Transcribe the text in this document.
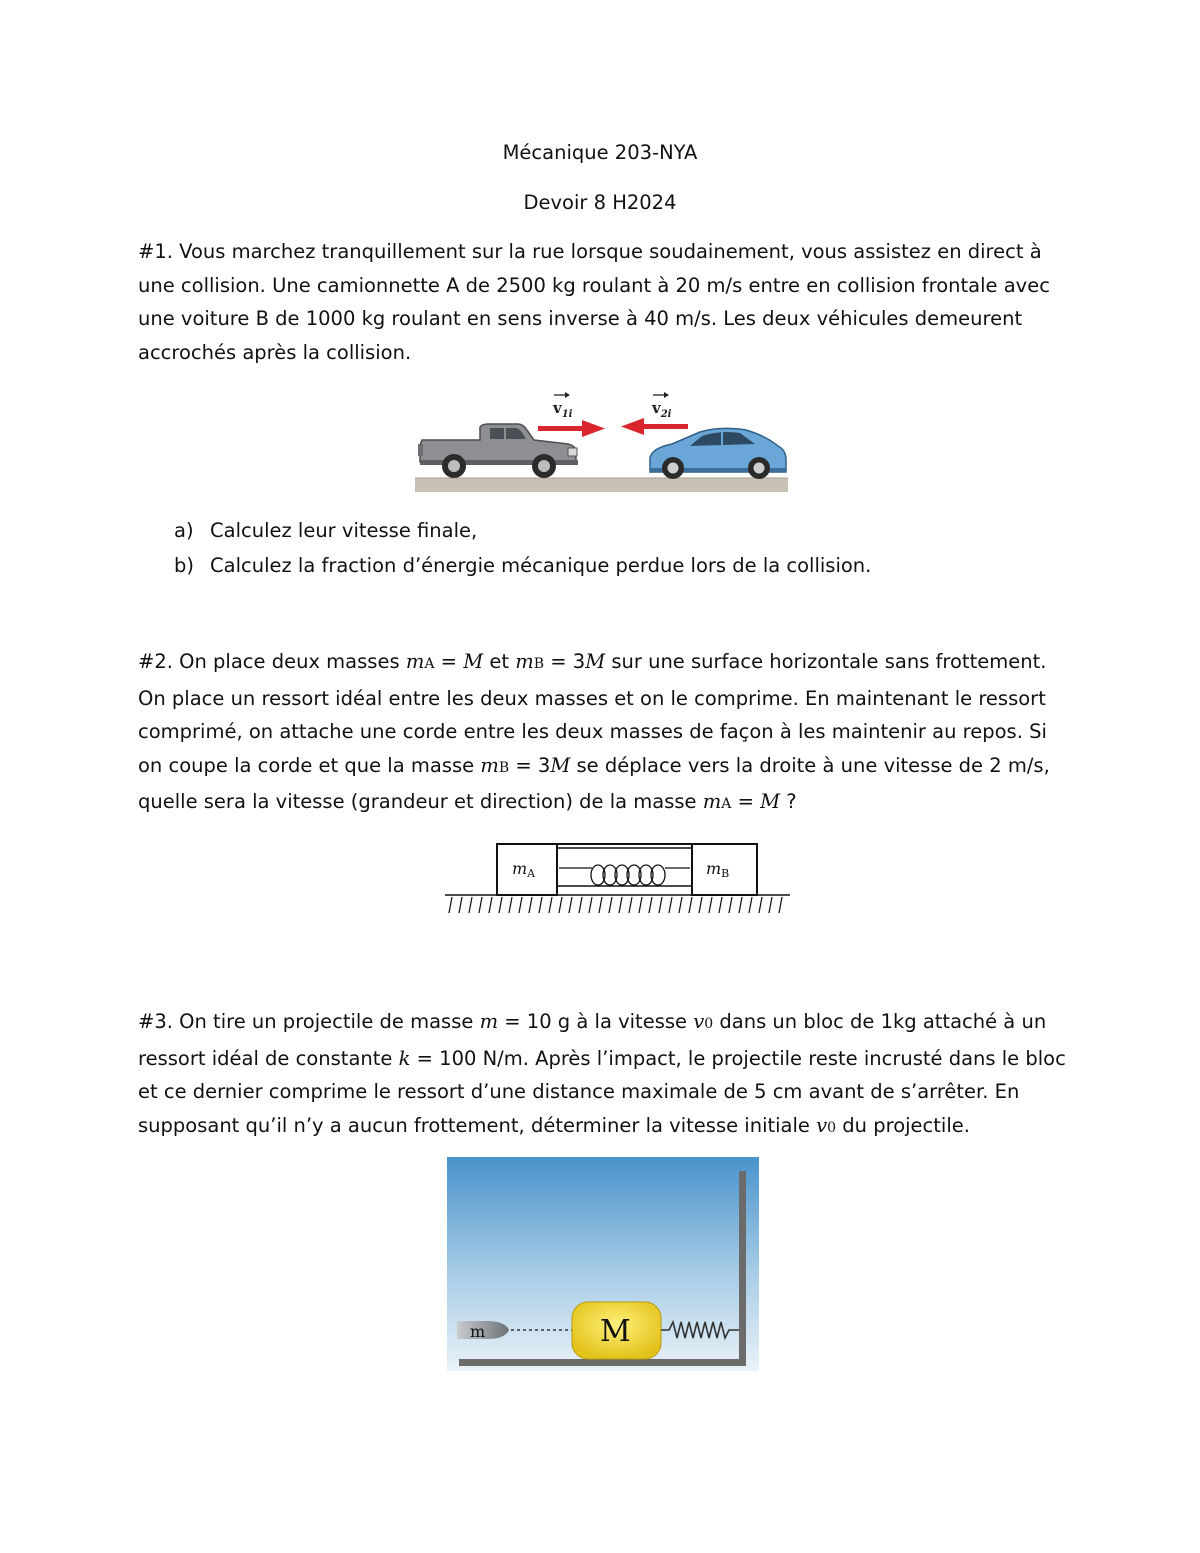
Mécanique 203-NYA
Devoir 8 H2024

#1. Vous marchez tranquillement sur la rue lorsque soudainement, vous assistez en direct à une collision. Une camionnette A de 2500 kg roulant à 20 m/s entre en collision frontale avec une voiture B de 1000 kg roulant en sens inverse à 40 m/s. Les deux véhicules demeurent accrochés après la collision.

$v_{1i}$	$v_{2i}$
a) Calculez leur vitesse finale,
b) Calculez la fraction d’énergie mécanique perdue lors de la collision.

#2. On place deux masses mA = M et mB = 3M sur une surface horizontale sans frottement. On place un ressort idéal entre les deux masses et on le comprime. En maintenant le ressort comprimé, on attache une corde entre les deux masses de façon à les maintenir au repos. Si on coupe la corde et que la masse mB = 3M se déplace vers la droite à une vitesse de 2 m/s, quelle sera la vitesse (grandeur et direction) de la masse mA = M ?

mA	mB

#3. On tire un projectile de masse m = 10 g à la vitesse v0 dans un bloc de 1kg attaché à un ressort idéal de constante k = 100 N/m. Après l’impact, le projectile reste incrusté dans le bloc et ce dernier comprime le ressort d’une distance maximale de 5 cm avant de s’arrêter. En supposant qu’il n’y a aucun frottement, déterminer la vitesse initiale v0 du projectile.

m	M
